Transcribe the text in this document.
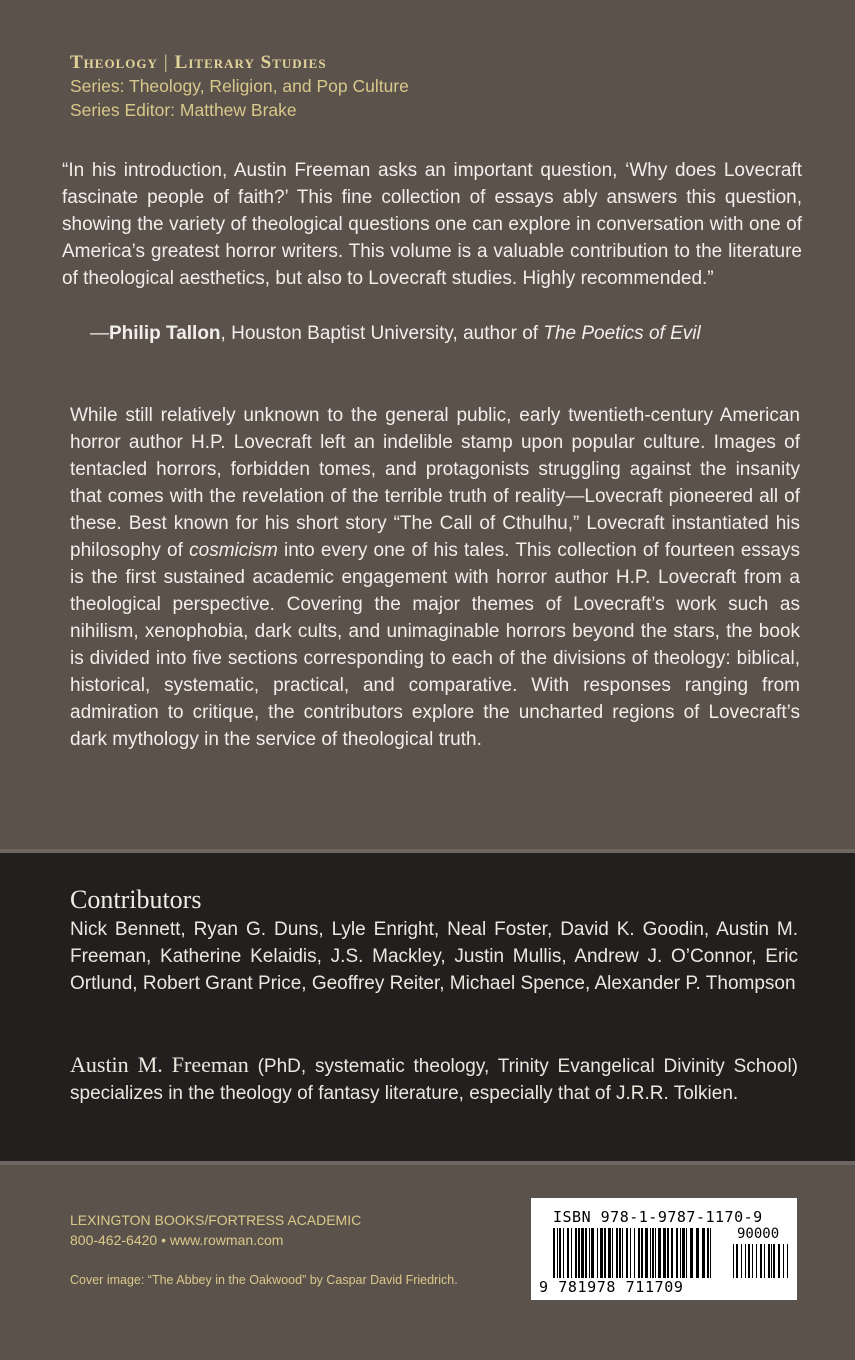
Theology | Literary Studies
Series: Theology, Religion, and Pop Culture
Series Editor: Matthew Brake
“In his introduction, Austin Freeman asks an important question, ‘Why does Lovecraft fascinate people of faith?’ This fine collection of essays ably answers this question, showing the variety of theological questions one can explore in conversation with one of America’s greatest horror writers. This volume is a valuable contribution to the literature of theological aesthetics, but also to Lovecraft studies. Highly recommended.”
—Philip Tallon, Houston Baptist University, author of The Poetics of Evil
While still relatively unknown to the general public, early twentieth-century American horror author H.P. Lovecraft left an indelible stamp upon popular culture. Images of tentacled horrors, forbidden tomes, and protagonists struggling against the insanity that comes with the revelation of the terrible truth of reality—Lovecraft pioneered all of these. Best known for his short story “The Call of Cthulhu,” Lovecraft instantiated his philosophy of cosmicism into every one of his tales. This collection of fourteen essays is the first sustained academic engagement with horror author H.P. Lovecraft from a theological perspective. Covering the major themes of Lovecraft’s work such as nihilism, xenophobia, dark cults, and unimaginable horrors beyond the stars, the book is divided into five sections corresponding to each of the divisions of theology: biblical, historical, systematic, practical, and comparative. With responses ranging from admiration to critique, the contributors explore the uncharted regions of Lovecraft’s dark mythology in the service of theological truth.
Contributors
Nick Bennett, Ryan G. Duns, Lyle Enright, Neal Foster, David K. Goodin, Austin M. Freeman, Katherine Kelaidis, J.S. Mackley, Justin Mullis, Andrew J. O’Connor, Eric Ortlund, Robert Grant Price, Geoffrey Reiter, Michael Spence, Alexander P. Thompson
Austin M. Freeman (PhD, systematic theology, Trinity Evangelical Divinity School) specializes in the theology of fantasy literature, especially that of J.R.R. Tolkien.
LEXINGTON BOOKS/FORTRESS ACADEMIC
800-462-6420 • www.rowman.com
Cover image: “The Abbey in the Oakwood” by Caspar David Friedrich.
ISBN 978-1-9787-1170-9
90000
9 781978 711709
